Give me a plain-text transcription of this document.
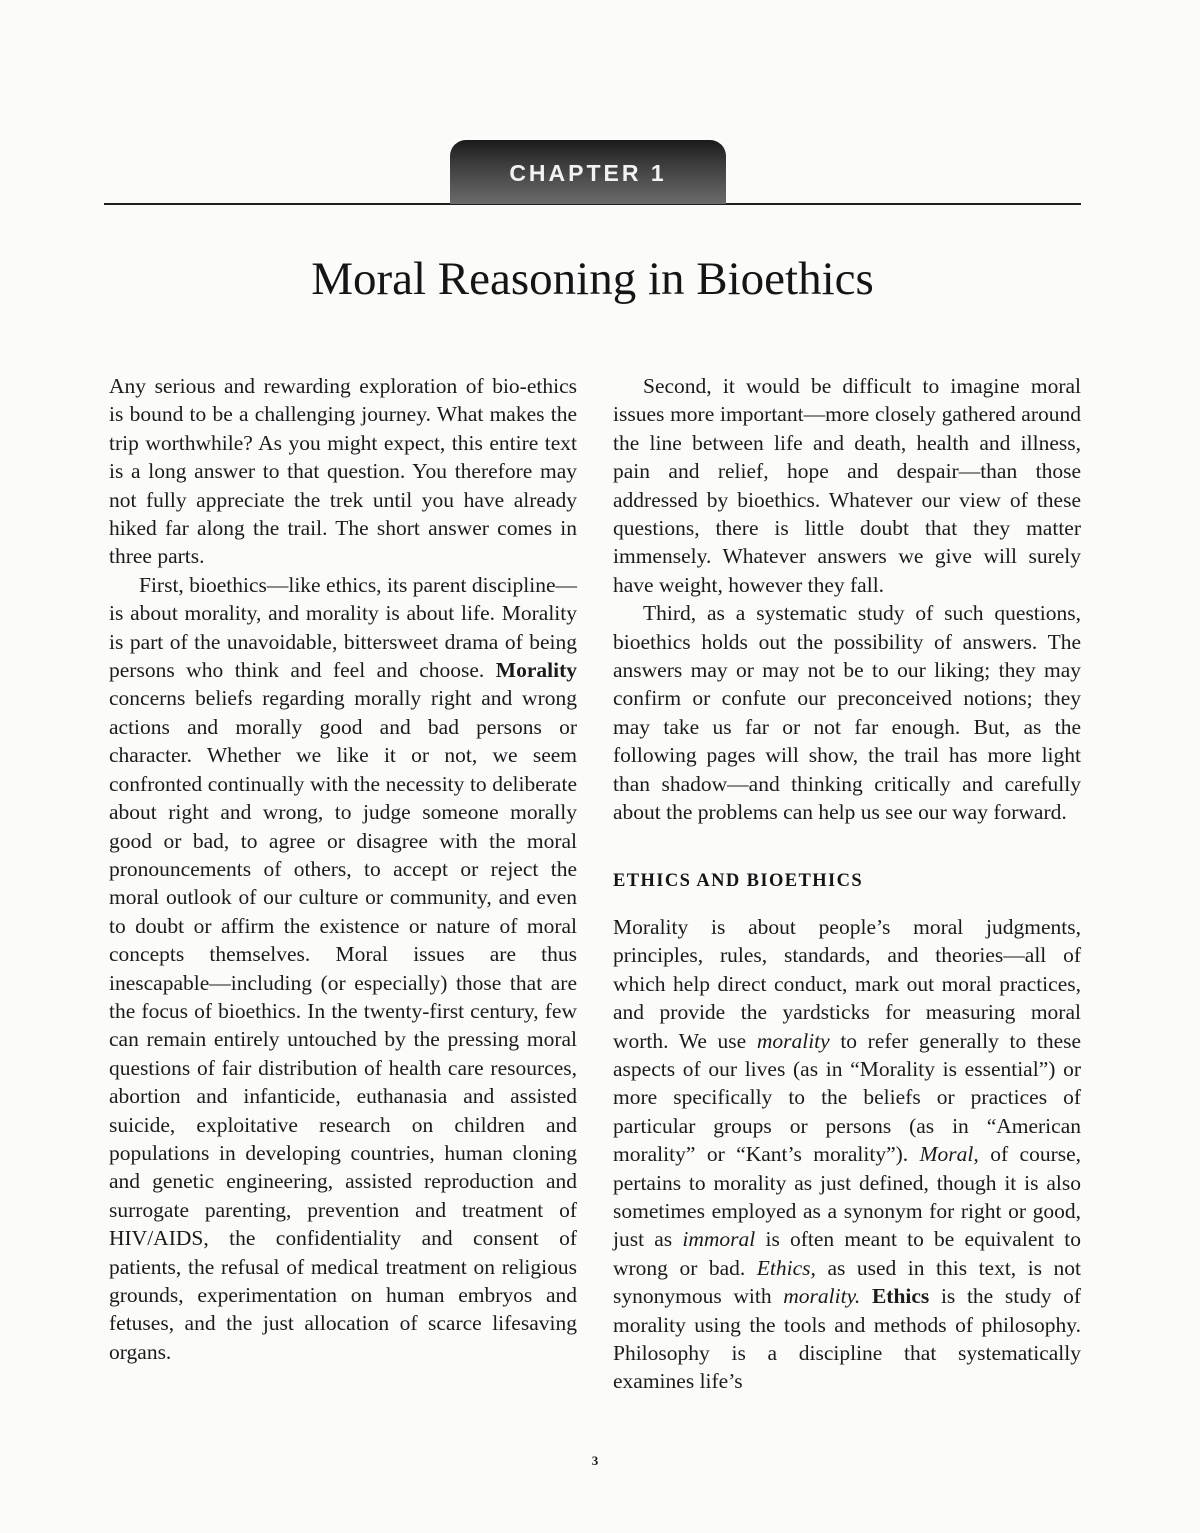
CHAPTER 1
Moral Reasoning in Bioethics

Any serious and rewarding exploration of bio-ethics is bound to be a challenging journey. What makes the trip worthwhile? As you might expect, this entire text is a long answer to that question. You therefore may not fully appreciate the trek until you have already hiked far along the trail. The short answer comes in three parts.

First, bioethics—like ethics, its parent discipline—is about morality, and morality is about life. Morality is part of the unavoidable, bittersweet drama of being persons who think and feel and choose. Morality concerns beliefs regarding morally right and wrong actions and morally good and bad persons or character. Whether we like it or not, we seem confronted continually with the necessity to deliberate about right and wrong, to judge someone morally good or bad, to agree or disagree with the moral pronouncements of others, to accept or reject the moral outlook of our culture or community, and even to doubt or affirm the existence or nature of moral concepts themselves. Moral issues are thus inescapable—including (or especially) those that are the focus of bioethics. In the twenty-first century, few can remain entirely untouched by the pressing moral questions of fair distribution of health care resources, abortion and infanticide, euthanasia and assisted suicide, exploitative research on children and populations in developing countries, human cloning and genetic engineering, assisted reproduction and surrogate parenting, prevention and treatment of HIV/AIDS, the confidentiality and consent of patients, the refusal of medical treatment on religious grounds, experimentation on human embryos and fetuses, and the just allocation of scarce lifesaving organs.

Second, it would be difficult to imagine moral issues more important—more closely gathered around the line between life and death, health and illness, pain and relief, hope and despair—than those addressed by bioethics. Whatever our view of these questions, there is little doubt that they matter immensely. Whatever answers we give will surely have weight, however they fall.

Third, as a systematic study of such questions, bioethics holds out the possibility of answers. The answers may or may not be to our liking; they may confirm or confute our preconceived notions; they may take us far or not far enough. But, as the following pages will show, the trail has more light than shadow—and thinking critically and carefully about the problems can help us see our way forward.

ETHICS AND BIOETHICS

Morality is about people’s moral judgments, principles, rules, standards, and theories—all of which help direct conduct, mark out moral practices, and provide the yardsticks for measuring moral worth. We use morality to refer generally to these aspects of our lives (as in “Morality is essential”) or more specifically to the beliefs or practices of particular groups or persons (as in “American morality” or “Kant’s morality”). Moral, of course, pertains to morality as just defined, though it is also sometimes employed as a synonym for right or good, just as immoral is often meant to be equivalent to wrong or bad. Ethics, as used in this text, is not synonymous with morality. Ethics is the study of morality using the tools and methods of philosophy. Philosophy is a discipline that systematically examines life’s

3
